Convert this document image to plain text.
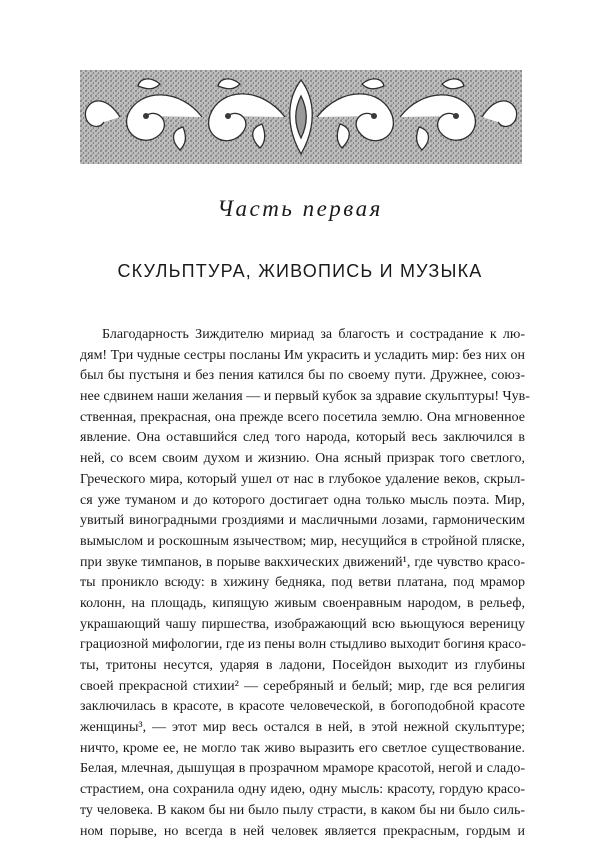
Часть первая
СКУЛЬПТУРА, ЖИВОПИСЬ И МУЗЫКА
Благодарность Зиждителю мириад за благость и сострадание к лю-
дям! Три чудные сестры посланы Им украсить и усладить мир: без них он
был бы пустыня и без пения катился бы по своему пути. Дружнее, союз-
нее сдвинем наши желания — и первый кубок за здравие скульптуры! Чув-
ственная, прекрасная, она прежде всего посетила землю. Она мгновенное
явление. Она оставшийся след того народа, который весь заключился в
ней, со всем своим духом и жизнию. Она ясный призрак того светлого,
Греческого мира, который ушел от нас в глубокое удаление веков, скрыл-
ся уже туманом и до которого достигает одна только мысль поэта. Мир,
увитый виноградными гроздиями и масличными лозами, гармоническим
вымыслом и роскошным язычеством; мир, несущийся в стройной пляске,
при звуке тимпанов, в порыве вакхических движений¹, где чувство красо-
ты проникло всюду: в хижину бедняка, под ветви платана, под мрамор
колонн, на площадь, кипящую живым своенравным народом, в рельеф,
украшающий чашу пиршества, изображающий всю вьющуюся вереницу
грациозной мифологии, где из пены волн стыдливо выходит богиня красо-
ты, тритоны несутся, ударяя в ладони, Посейдон выходит из глубины
своей прекрасной стихии² — серебряный и белый; мир, где вся религия
заключилась в красоте, в красоте человеческой, в богоподобной красоте
женщины³, — этот мир весь остался в ней, в этой нежной скульптуре;
ничто, кроме ее, не могло так живо выразить его светлое существование.
Белая, млечная, дышущая в прозрачном мраморе красотой, негой и сладо-
страстием, она сохранила одну идею, одну мысль: красоту, гордую красо-
ту человека. В каком бы ни было пылу страсти, в каком бы ни было силь-
ном порыве, но всегда в ней человек является прекрасным, гордым и
